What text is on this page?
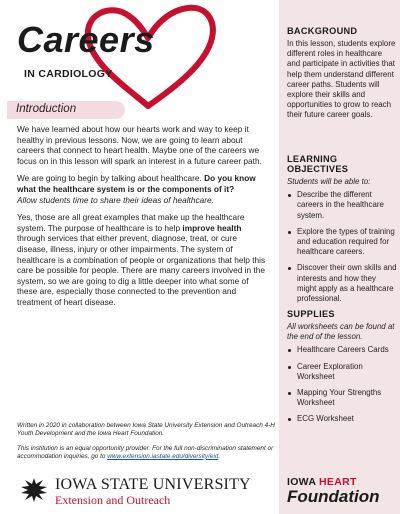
Careers
IN CARDIOLOGY
Introduction

We have learned about how our hearts work and way to keep it healthy in previous lessons. Now, we are going to learn about careers that connect to heart health. Maybe one of the careers we focus on in this lesson will spark an interest in a future career path.

We are going to begin by talking about healthcare. Do you know what the healthcare system is or the components of it?
Allow students time to share their ideas of healthcare.

Yes, those are all great examples that make up the healthcare system. The purpose of healthcare is to help improve health through services that either prevent, diagnose, treat, or cure disease, illness, injury or other impairments. The system of healthcare is a combination of people or organizations that help this care be possible for people. There are many careers involved in the system, so we are going to dig a little deeper into what some of these are, especially those connected to the prevention and treatment of heart disease.

Written in 2020 in collaboration between Iowa State University Extension and Outreach 4-H Youth Development and the Iowa Heart Foundation.
This institution is an equal opportunity provider. For the full non-discrimination statement or accommodation inquiries, go to www.extension.iastate.edu/diversity/ext.
IOWA STATE UNIVERSITY
Extension and Outreach
BACKGROUND
In this lesson, students explore different roles in healthcare and participate in activities that help them understand different career paths. Students will explore their skills and opportunities to grow to reach their future career goals.
LEARNING OBJECTIVES
Students will be able to:
Describe the different careers in the healthcare system.
Explore the types of training and education required for healthcare careers.
Discover their own skills and interests and how they might apply as a healthcare professional.
SUPPLIES
All worksheets can be found at the end of the lesson.
Healthcare Careers Cards
Career Exploration Worksheet
Mapping Your Strengths Worksheet
ECG Worksheet
IOWA HEART
Foundation
